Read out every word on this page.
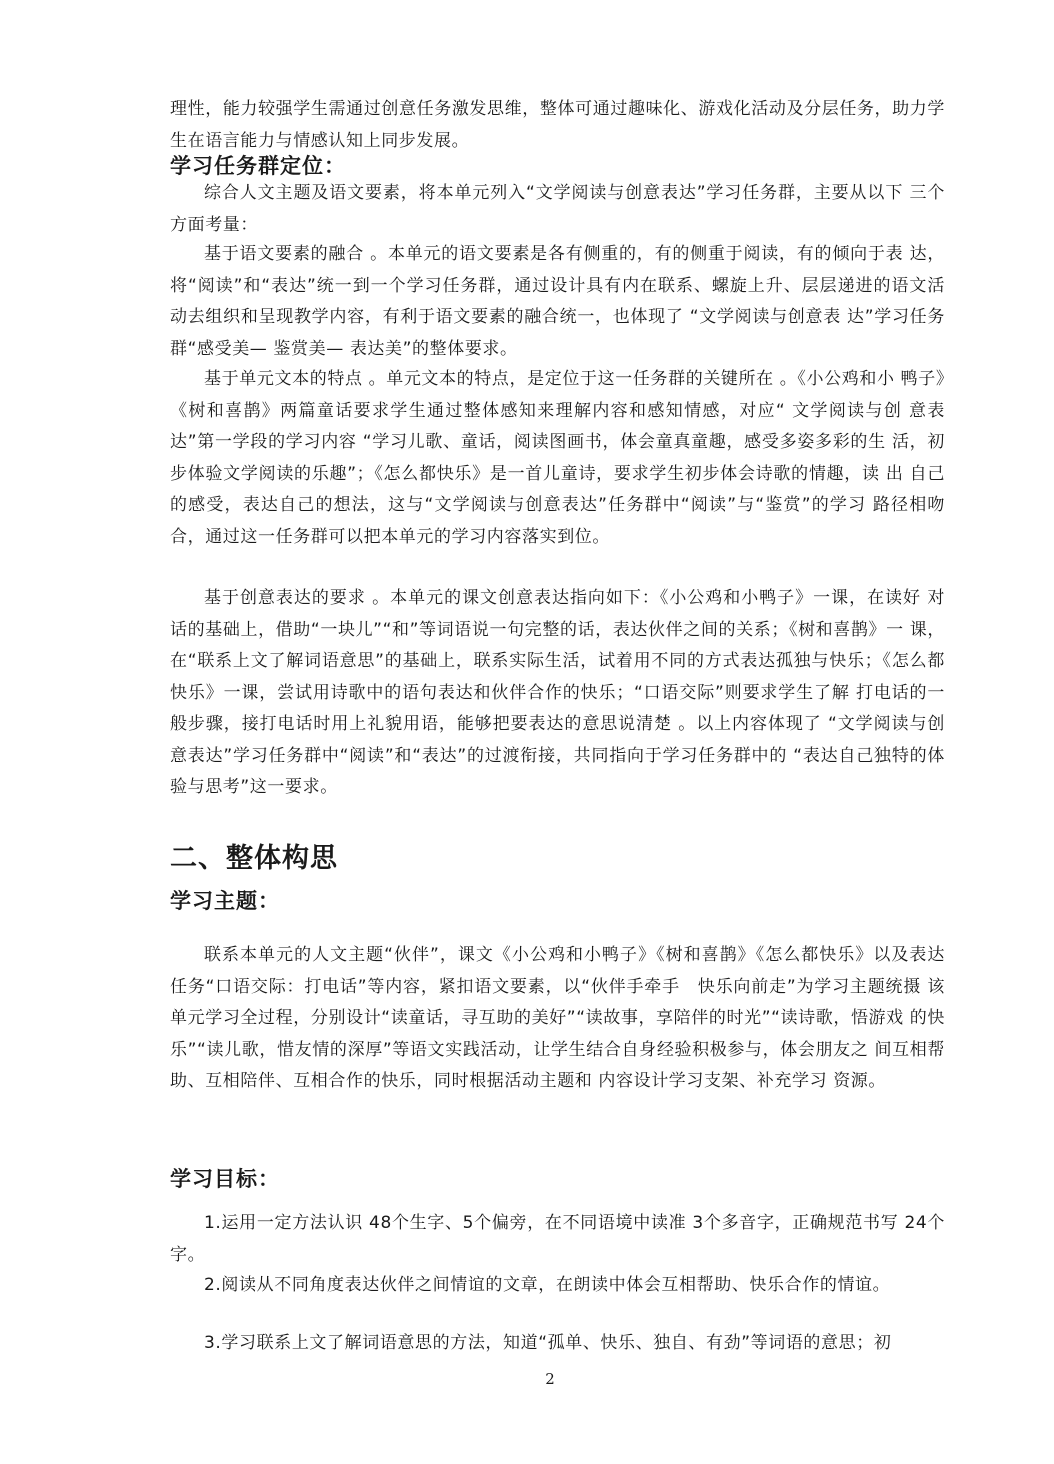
理性，能力较强学生需通过创意任务激发思维，整体可通过趣味化、游戏化活动及分层任务，助力学生在语言能力与情感认知上同步发展。

学习任务群定位：

综合人文主题及语文要素，将本单元列入“文学阅读与创意表达”学习任务群，主要从以下 三个方面考量：

基于语文要素的融合 。本单元的语文要素是各有侧重的，有的侧重于阅读，有的倾向于表 达，将“阅读”和“表达”统一到一个学习任务群，通过设计具有内在联系、螺旋上升、层层递进的语文活动去组织和呈现教学内容，有利于语文要素的融合统一，也体现了 “文学阅读与创意表 达”学习任务群“感受美— 鉴赏美— 表达美”的整体要求。

基于单元文本的特点 。单元文本的特点，是定位于这一任务群的关键所在 。《小公鸡和小 鸭子》《树和喜鹊》两篇童话要求学生通过整体感知来理解内容和感知情感，对应“ 文学阅读与创 意表达”第一学段的学习内容 “学习儿歌、童话，阅读图画书，体会童真童趣，感受多姿多彩的生 活，初步体验文学阅读的乐趣”；《怎么都快乐》是一首儿童诗，要求学生初步体会诗歌的情趣，读 出 自己的感受，表达自己的想法，这与“文学阅读与创意表达”任务群中“阅读”与“鉴赏”的学习 路径相吻合，通过这一任务群可以把本单元的学习内容落实到位。

基于创意表达的要求 。本单元的课文创意表达指向如下：《小公鸡和小鸭子》一课，在读好 对话的基础上，借助“一块儿”“和”等词语说一句完整的话，表达伙伴之间的关系；《树和喜鹊》一 课，在“联系上文了解词语意思”的基础上，联系实际生活，试着用不同的方式表达孤独与快乐；《怎么都快乐》一课，尝试用诗歌中的语句表达和伙伴合作的快乐；“口语交际”则要求学生了解 打电话的一般步骤，接打电话时用上礼貌用语，能够把要表达的意思说清楚 。以上内容体现了 “文学阅读与创意表达”学习任务群中“阅读”和“表达”的过渡衔接，共同指向于学习任务群中的 “表达自己独特的体验与思考”这一要求。

二、整体构思
学习主题：

联系本单元的人文主题“伙伴”，课文《小公鸡和小鸭子》《树和喜鹊》《怎么都快乐》以及表达 任务“口语交际：打电话”等内容，紧扣语文要素，以“伙伴手牵手　快乐向前走”为学习主题统摄 该单元学习全过程，分别设计“读童话，寻互助的美好”“读故事，享陪伴的时光”“读诗歌，悟游戏 的快乐”“读儿歌，惜友情的深厚”等语文实践活动，让学生结合自身经验积极参与，体会朋友之 间互相帮助、互相陪伴、互相合作的快乐，同时根据活动主题和 内容设计学习支架、补充学习 资源。

学习目标：

1.运用一定方法认识 48个生字、5个偏旁，在不同语境中读准 3个多音字，正确规范书写 24个字。

2.阅读从不同角度表达伙伴之间情谊的文章，在朗读中体会互相帮助、快乐合作的情谊。

3.学习联系上文了解词语意思的方法，知道“孤单、快乐、独自、有劲”等词语的意思；初

2
